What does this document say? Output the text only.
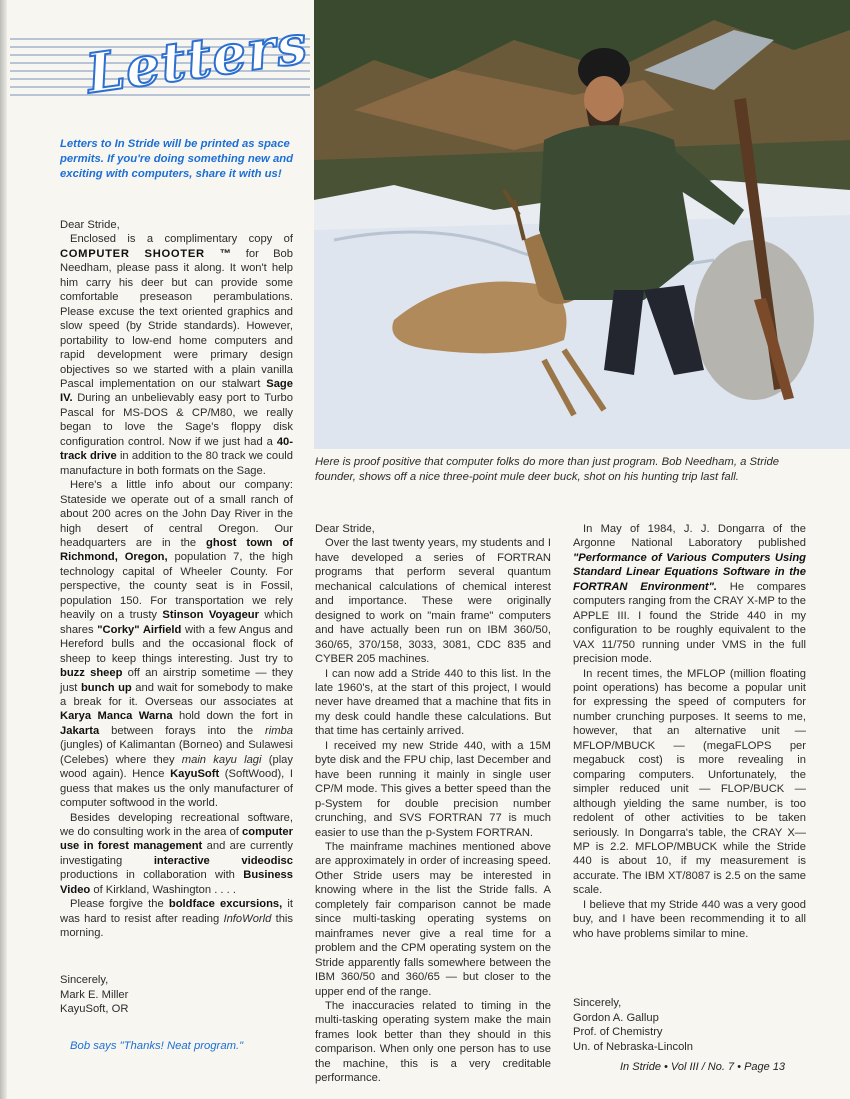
Letters
Letters to In Stride will be printed as space permits. If you're doing something new and exciting with computers, share it with us!

Dear Stride,

Enclosed is a complimentary copy of COMPUTER SHOOTER ™ for Bob Needham, please pass it along. It won't help him carry his deer but can provide some comfortable preseason perambulations. Please excuse the text oriented graphics and slow speed (by Stride standards). However, portability to low-end home computers and rapid development were primary design objectives so we started with a plain vanilla Pascal implementation on our stalwart Sage IV. During an unbelievably easy port to Turbo Pascal for MS-DOS & CP/M80, we really began to love the Sage's floppy disk configuration control. Now if we just had a 40-track drive in addition to the 80 track we could manufacture in both formats on the Sage.

Here's a little info about our company: Stateside we operate out of a small ranch of about 200 acres on the John Day River in the high desert of central Oregon. Our headquarters are in the ghost town of Richmond, Oregon, population 7, the high technology capital of Wheeler County. For perspective, the county seat is in Fossil, population 150. For transportation we rely heavily on a trusty Stinson Voyageur which shares "Corky" Airfield with a few Angus and Hereford bulls and the occasional flock of sheep to keep things interesting. Just try to buzz sheep off an airstrip sometime — they just bunch up and wait for somebody to make a break for it. Overseas our associates at Karya Manca Warna hold down the fort in Jakarta between forays into the rimba (jungles) of Kalimantan (Borneo) and Sulawesi (Celebes) where they main kayu lagi (play wood again). Hence KayuSoft (SoftWood), I guess that makes us the only manufacturer of computer softwood in the world.

Besides developing recreational software, we do consulting work in the area of computer use in forest management and are currently investigating interactive videodisc productions in collaboration with Business Video of Kirkland, Washington . . . .

Please forgive the boldface excursions, it was hard to resist after reading InfoWorld this morning.

Sincerely,
Mark E. Miller
KayuSoft, OR
Bob says "Thanks! Neat program."
Here is proof positive that computer folks do more than just program. Bob Needham, a Stride founder, shows off a nice three-point mule deer buck, shot on his hunting trip last fall.

Dear Stride,

Over the last twenty years, my students and I have developed a series of FORTRAN programs that perform several quantum mechanical calculations of chemical interest and importance. These were originally designed to work on "main frame" computers and have actually been run on IBM 360/50, 360/65, 370/158, 3033, 3081, CDC 835 and CYBER 205 machines.

I can now add a Stride 440 to this list. In the late 1960's, at the start of this project, I would never have dreamed that a machine that fits in my desk could handle these calculations. But that time has certainly arrived.

I received my new Stride 440, with a 15M byte disk and the FPU chip, last December and have been running it mainly in single user CP/M mode. This gives a better speed than the p-System for double precision number crunching, and SVS FORTRAN 77 is much easier to use than the p-System FORTRAN.

The mainframe machines mentioned above are approximately in order of increasing speed. Other Stride users may be interested in knowing where in the list the Stride falls. A completely fair comparison cannot be made since multi-tasking operating systems on mainframes never give a real time for a problem and the CPM operating system on the Stride apparently falls somewhere between the IBM 360/50 and 360/65 — but closer to the upper end of the range.

The inaccuracies related to timing in the multi-tasking operating system make the main frames look better than they should in this comparison. When only one person has to use the machine, this is a very creditable performance.

In May of 1984, J. J. Dongarra of the Argonne National Laboratory published "Performance of Various Computers Using Standard Linear Equations Software in the FORTRAN Environment". He compares computers ranging from the CRAY X-MP to the APPLE III. I found the Stride 440 in my configuration to be roughly equivalent to the VAX 11/750 running under VMS in the full precision mode.

In recent times, the MFLOP (million floating point operations) has become a popular unit for expressing the speed of computers for number crunching purposes. It seems to me, however, that an alternative unit — MFLOP/MBUCK — (megaFLOPS per megabuck cost) is more revealing in comparing computers. Unfortunately, the simpler reduced unit — FLOP/BUCK — although yielding the same number, is too redolent of other activities to be taken seriously. In Dongarra's table, the CRAY X—MP is 2.2. MFLOP/MBUCK while the Stride 440 is about 10, if my measurement is accurate. The IBM XT/8087 is 2.5 on the same scale.

I believe that my Stride 440 was a very good buy, and I have been recommending it to all who have problems similar to mine.

Sincerely,
Gordon A. Gallup
Prof. of Chemistry
Un. of Nebraska-Lincoln
In Stride • Vol III / No. 7 • Page 13
